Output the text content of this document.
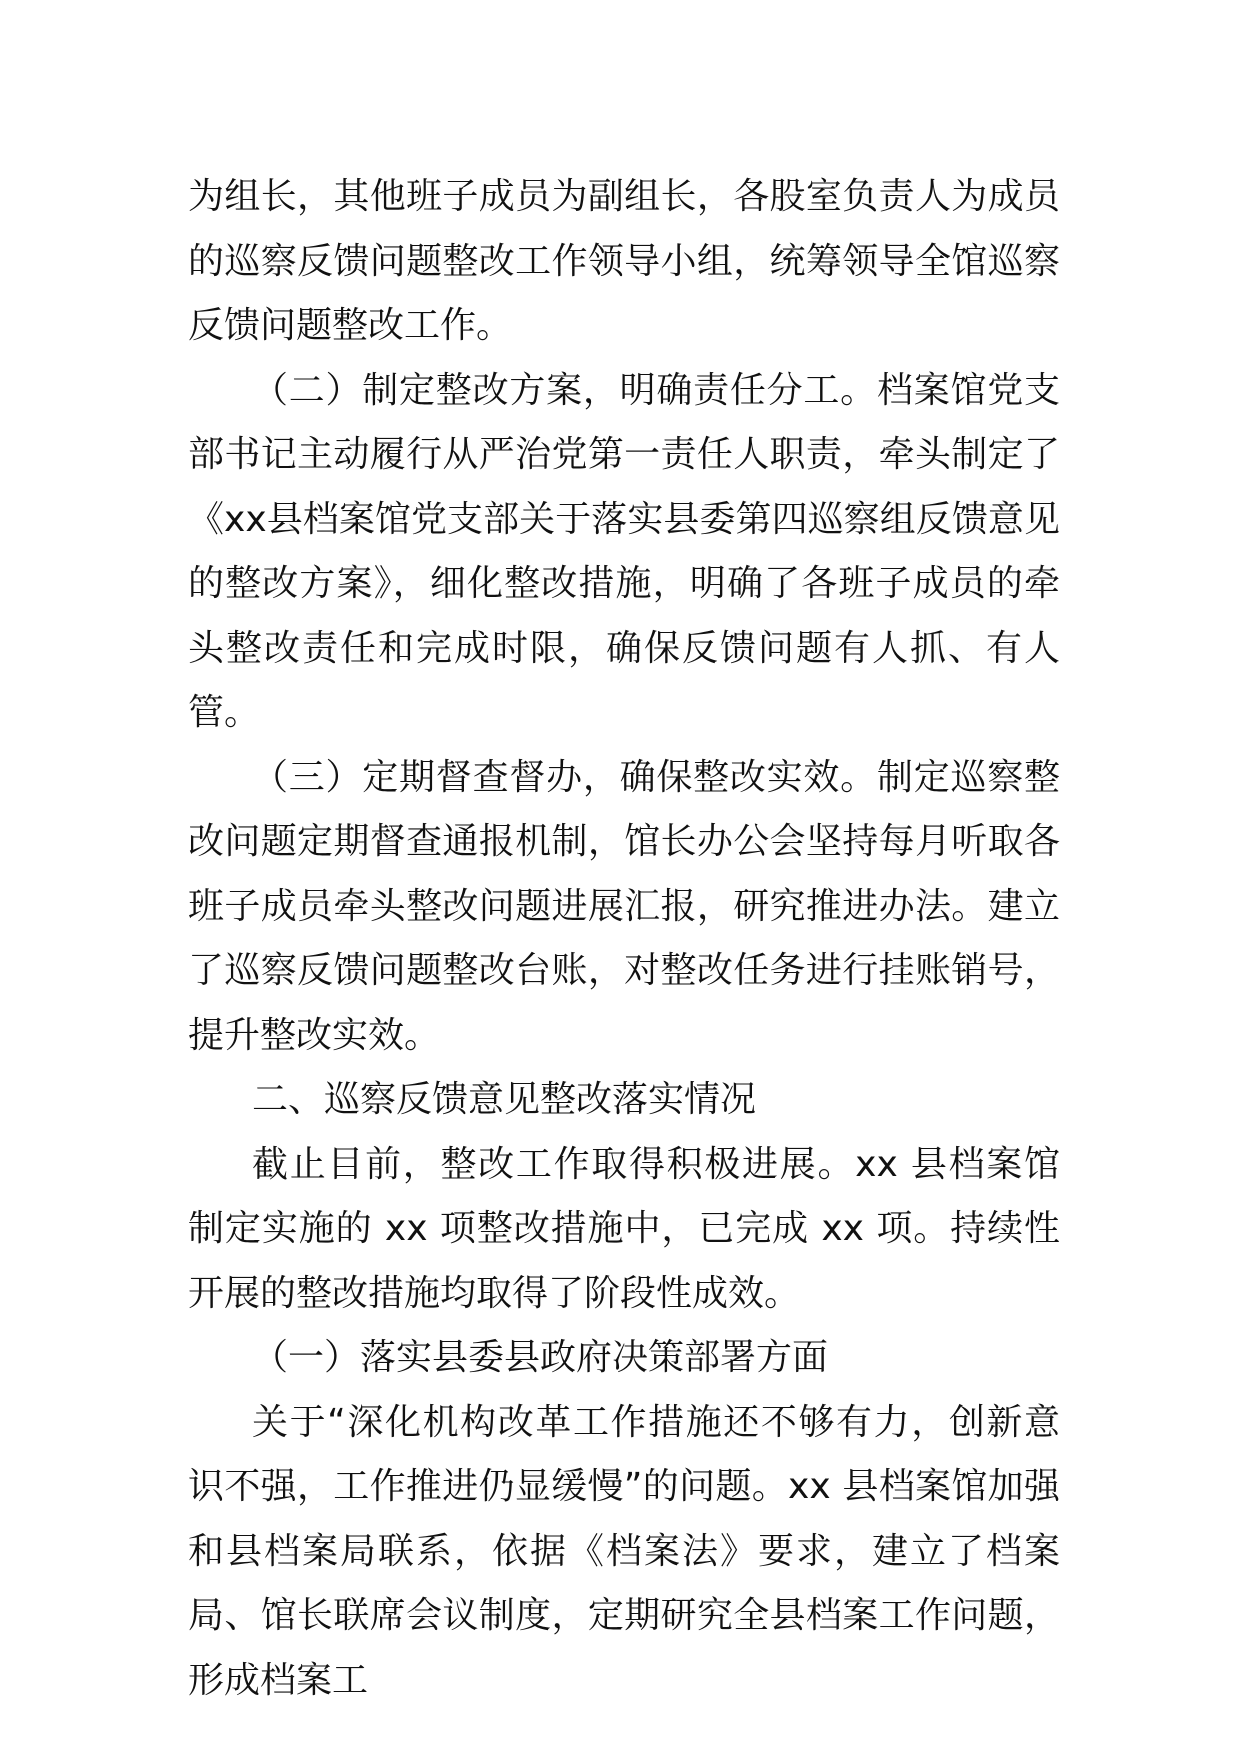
为组长，其他班子成员为副组长，各股室负责人为成员的巡察反馈问题整改工作领导小组，统筹领导全馆巡察反馈问题整改工作。

（二）制定整改方案，明确责任分工。档案馆党支部书记主动履行从严治党第一责任人职责，牵头制定了《xx县档案馆党支部关于落实县委第四巡察组反馈意见的整改方案》，细化整改措施，明确了各班子成员的牵头整改责任和完成时限，确保反馈问题有人抓、有人管。

（三）定期督查督办，确保整改实效。制定巡察整改问题定期督查通报机制，馆长办公会坚持每月听取各班子成员牵头整改问题进展汇报，研究推进办法。建立了巡察反馈问题整改台账，对整改任务进行挂账销号，提升整改实效。

二、巡察反馈意见整改落实情况

截止目前，整改工作取得积极进展。xx 县档案馆制定实施的 xx 项整改措施中，已完成 xx 项。持续性开展的整改措施均取得了阶段性成效。

（一）落实县委县政府决策部署方面

关于“深化机构改革工作措施还不够有力，创新意识不强，工作推进仍显缓慢”的问题。xx 县档案馆加强和县档案局联系，依据《档案法》要求，建立了档案局、馆长联席会议制度，定期研究全县档案工作问题，形成档案工
